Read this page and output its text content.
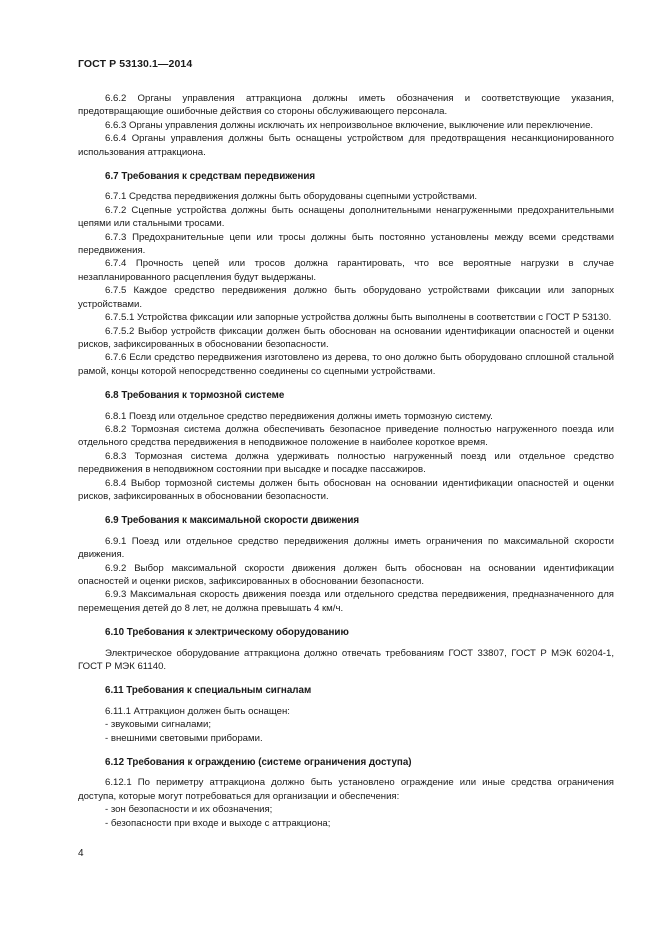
ГОСТ Р 53130.1—2014

6.6.2 Органы управления аттракциона должны иметь обозначения и соответствующие указания, предотвращающие ошибочные действия со стороны обслуживающего персонала.

6.6.3 Органы управления должны исключать их непроизвольное включение, выключение или переключение.

6.6.4 Органы управления должны быть оснащены устройством для предотвращения несанкционированного использования аттракциона.

6.7 Требования к средствам передвижения

6.7.1 Средства передвижения должны быть оборудованы сцепными устройствами.

6.7.2 Сцепные устройства должны быть оснащены дополнительными ненагруженными предохранительными цепями или стальными тросами.

6.7.3 Предохранительные цепи или тросы должны быть постоянно установлены между всеми средствами передвижения.

6.7.4 Прочность цепей или тросов должна гарантировать, что все вероятные нагрузки в случае незапланированного расцепления будут выдержаны.

6.7.5 Каждое средство передвижения должно быть оборудовано устройствами фиксации или запорных устройствами.

6.7.5.1 Устройства фиксации или запорные устройства должны быть выполнены в соответствии с ГОСТ Р 53130.

6.7.5.2 Выбор устройств фиксации должен быть обоснован на основании идентификации опасностей и оценки рисков, зафиксированных в обосновании безопасности.

6.7.6 Если средство передвижения изготовлено из дерева, то оно должно быть оборудовано сплошной стальной рамой, концы которой непосредственно соединены со сцепными устройствами.

6.8 Требования к тормозной системе

6.8.1 Поезд или отдельное средство передвижения должны иметь тормозную систему.

6.8.2 Тормозная система должна обеспечивать безопасное приведение полностью нагруженного поезда или отдельного средства передвижения в неподвижное положение в наиболее короткое время.

6.8.3 Тормозная система должна удерживать полностью нагруженный поезд или отдельное средство передвижения в неподвижном состоянии при высадке и посадке пассажиров.

6.8.4 Выбор тормозной системы должен быть обоснован на основании идентификации опасностей и оценки рисков, зафиксированных в обосновании безопасности.

6.9 Требования к максимальной скорости движения

6.9.1 Поезд или отдельное средство передвижения должны иметь ограничения по максимальной скорости движения.

6.9.2 Выбор максимальной скорости движения должен быть обоснован на основании идентификации опасностей и оценки рисков, зафиксированных в обосновании безопасности.

6.9.3 Максимальная скорость движения поезда или отдельного средства передвижения, предназначенного для перемещения детей до 8 лет, не должна превышать 4 км/ч.

6.10 Требования к электрическому оборудованию

Электрическое оборудование аттракциона должно отвечать требованиям ГОСТ 33807, ГОСТ Р МЭК 60204-1, ГОСТ Р МЭК 61140.

6.11 Требования к специальным сигналам

6.11.1 Аттракцион должен быть оснащен:

- звуковыми сигналами;

- внешними световыми приборами.

6.12 Требования к ограждению (системе ограничения доступа)

6.12.1 По периметру аттракциона должно быть установлено ограждение или иные средства ограничения доступа, которые могут потребоваться для организации и обеспечения:

- зон безопасности и их обозначения;

- безопасности при входе и выходе с аттракциона;

4
